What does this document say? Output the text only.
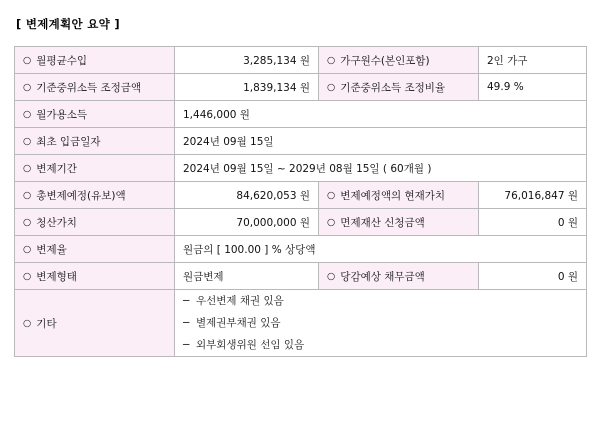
[ 변제계획안 요약 ]
○ 월평균수입	3,285,134 원	○ 가구원수(본인포함)	2인 가구
○ 기준중위소득 조정금액	1,839,134 원	○ 기준중위소득 조정비율	49.9 %
○ 월가용소득	1,446,000 원		
○ 최초 입금일자	2024년 09월 15일		
○ 변제기간	2024년 09월 15일 ~ 2029년 08월 15일 ( 60개월 )		
○ 총변제예정(유보)액	84,620,053 원	○ 변제예정액의 현재가치	76,016,847 원
○ 청산가치	70,000,000 원	○ 면제재산 신청금액	0 원
○ 변제율	원금의 [ 100.00 ] % 상당액		
○ 변제형태	원금변제	○ 당감예상 채무금액	0 원
○ 기타	─ 우선변제 채권 있음
─ 별제권부채권 있음
─ 외부회생위원 선임 있음		
